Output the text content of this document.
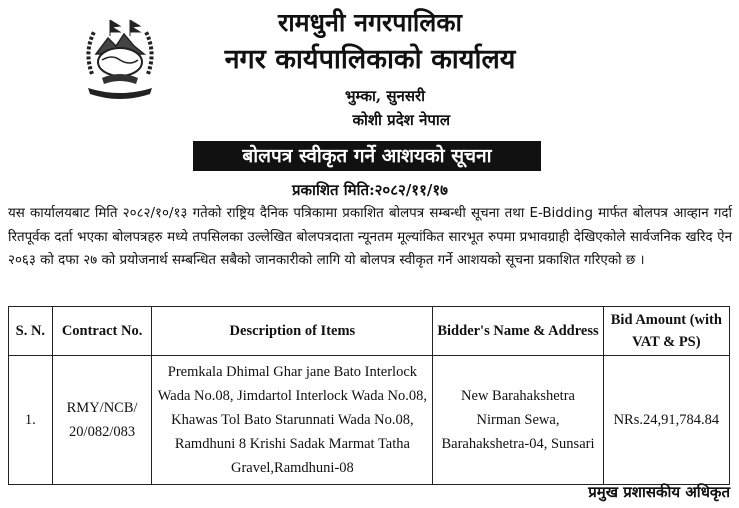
रामधुनी नगरपालिका
नगर कार्यपालिकाको कार्यालय
भुम्का, सुनसरी
कोशी प्रदेश नेपाल
बोलपत्र स्वीकृत गर्ने आशयको सूचना
प्रकाशित मिति:२०८२/११/१७
यस कार्यालयबाट मिति २०८२/१०/१३ गतेको राष्ट्रिय दैनिक पत्रिकामा प्रकाशित बोलपत्र सम्बन्धी सूचना तथा E-Bidding मार्फत बोलपत्र आव्हान गर्दा रितपूर्वक दर्ता भएका बोलपत्रहरु मध्ये तपसिलका उल्लेखित बोलपत्रदाता न्यूनतम मूल्यांकित सारभूत रुपमा प्रभावग्राही देखिएकोले सार्वजनिक खरिद ऐन २०६३ को दफा २७ को प्रयोजनार्थ सम्बन्धित सबैको जानकारीको लागि यो बोलपत्र स्वीकृत गर्ने आशयको सूचना प्रकाशित गरिएको छ ।
S. N.	Contract No.	Description of Items	Bidder's Name & Address	Bid Amount (with VAT & PS)
1.	RMY/NCB/ 20/082/083	Premkala Dhimal Ghar jane Bato Interlock Wada No.08, Jimdartol Interlock Wada No.08, Khawas Tol Bato Starunnati Wada No.08, Ramdhuni 8 Krishi Sadak Marmat Tatha Gravel,Ramdhuni-08	New Barahakshetra Nirman Sewa, Barahakshetra-04, Sunsari	NRs.24,91,784.84
प्रमुख प्रशासकीय अधिकृत
